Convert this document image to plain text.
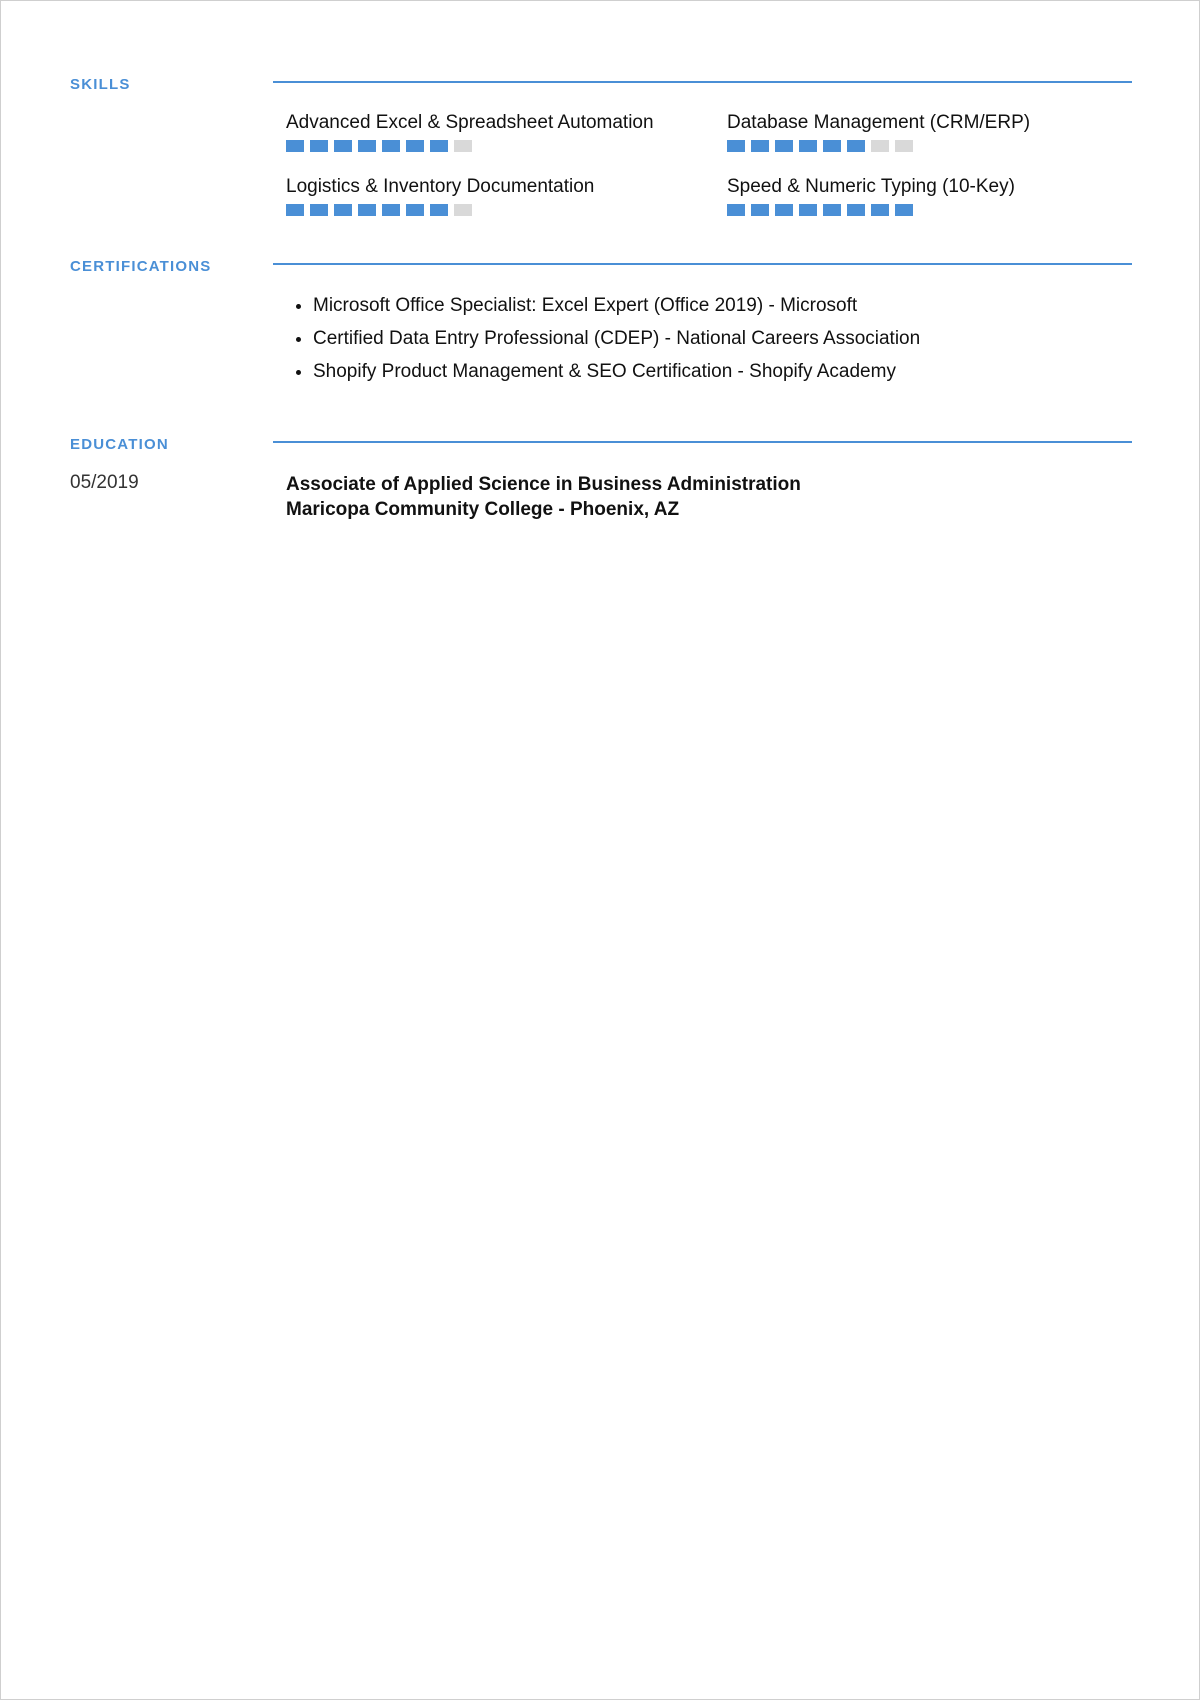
SKILLS

Advanced Excel & Spreadsheet Automation	Database Management (CRM/ERP)

Logistics & Inventory Documentation	Speed & Numeric Typing (10-Key)

CERTIFICATIONS
• Microsoft Office Specialist: Excel Expert (Office 2019) - Microsoft
• Certified Data Entry Professional (CDEP) - National Careers Association
• Shopify Product Management & SEO Certification - Shopify Academy
EDUCATION

05/2019	Associate of Applied Science in Business Administration
Maricopa Community College - Phoenix, AZ
